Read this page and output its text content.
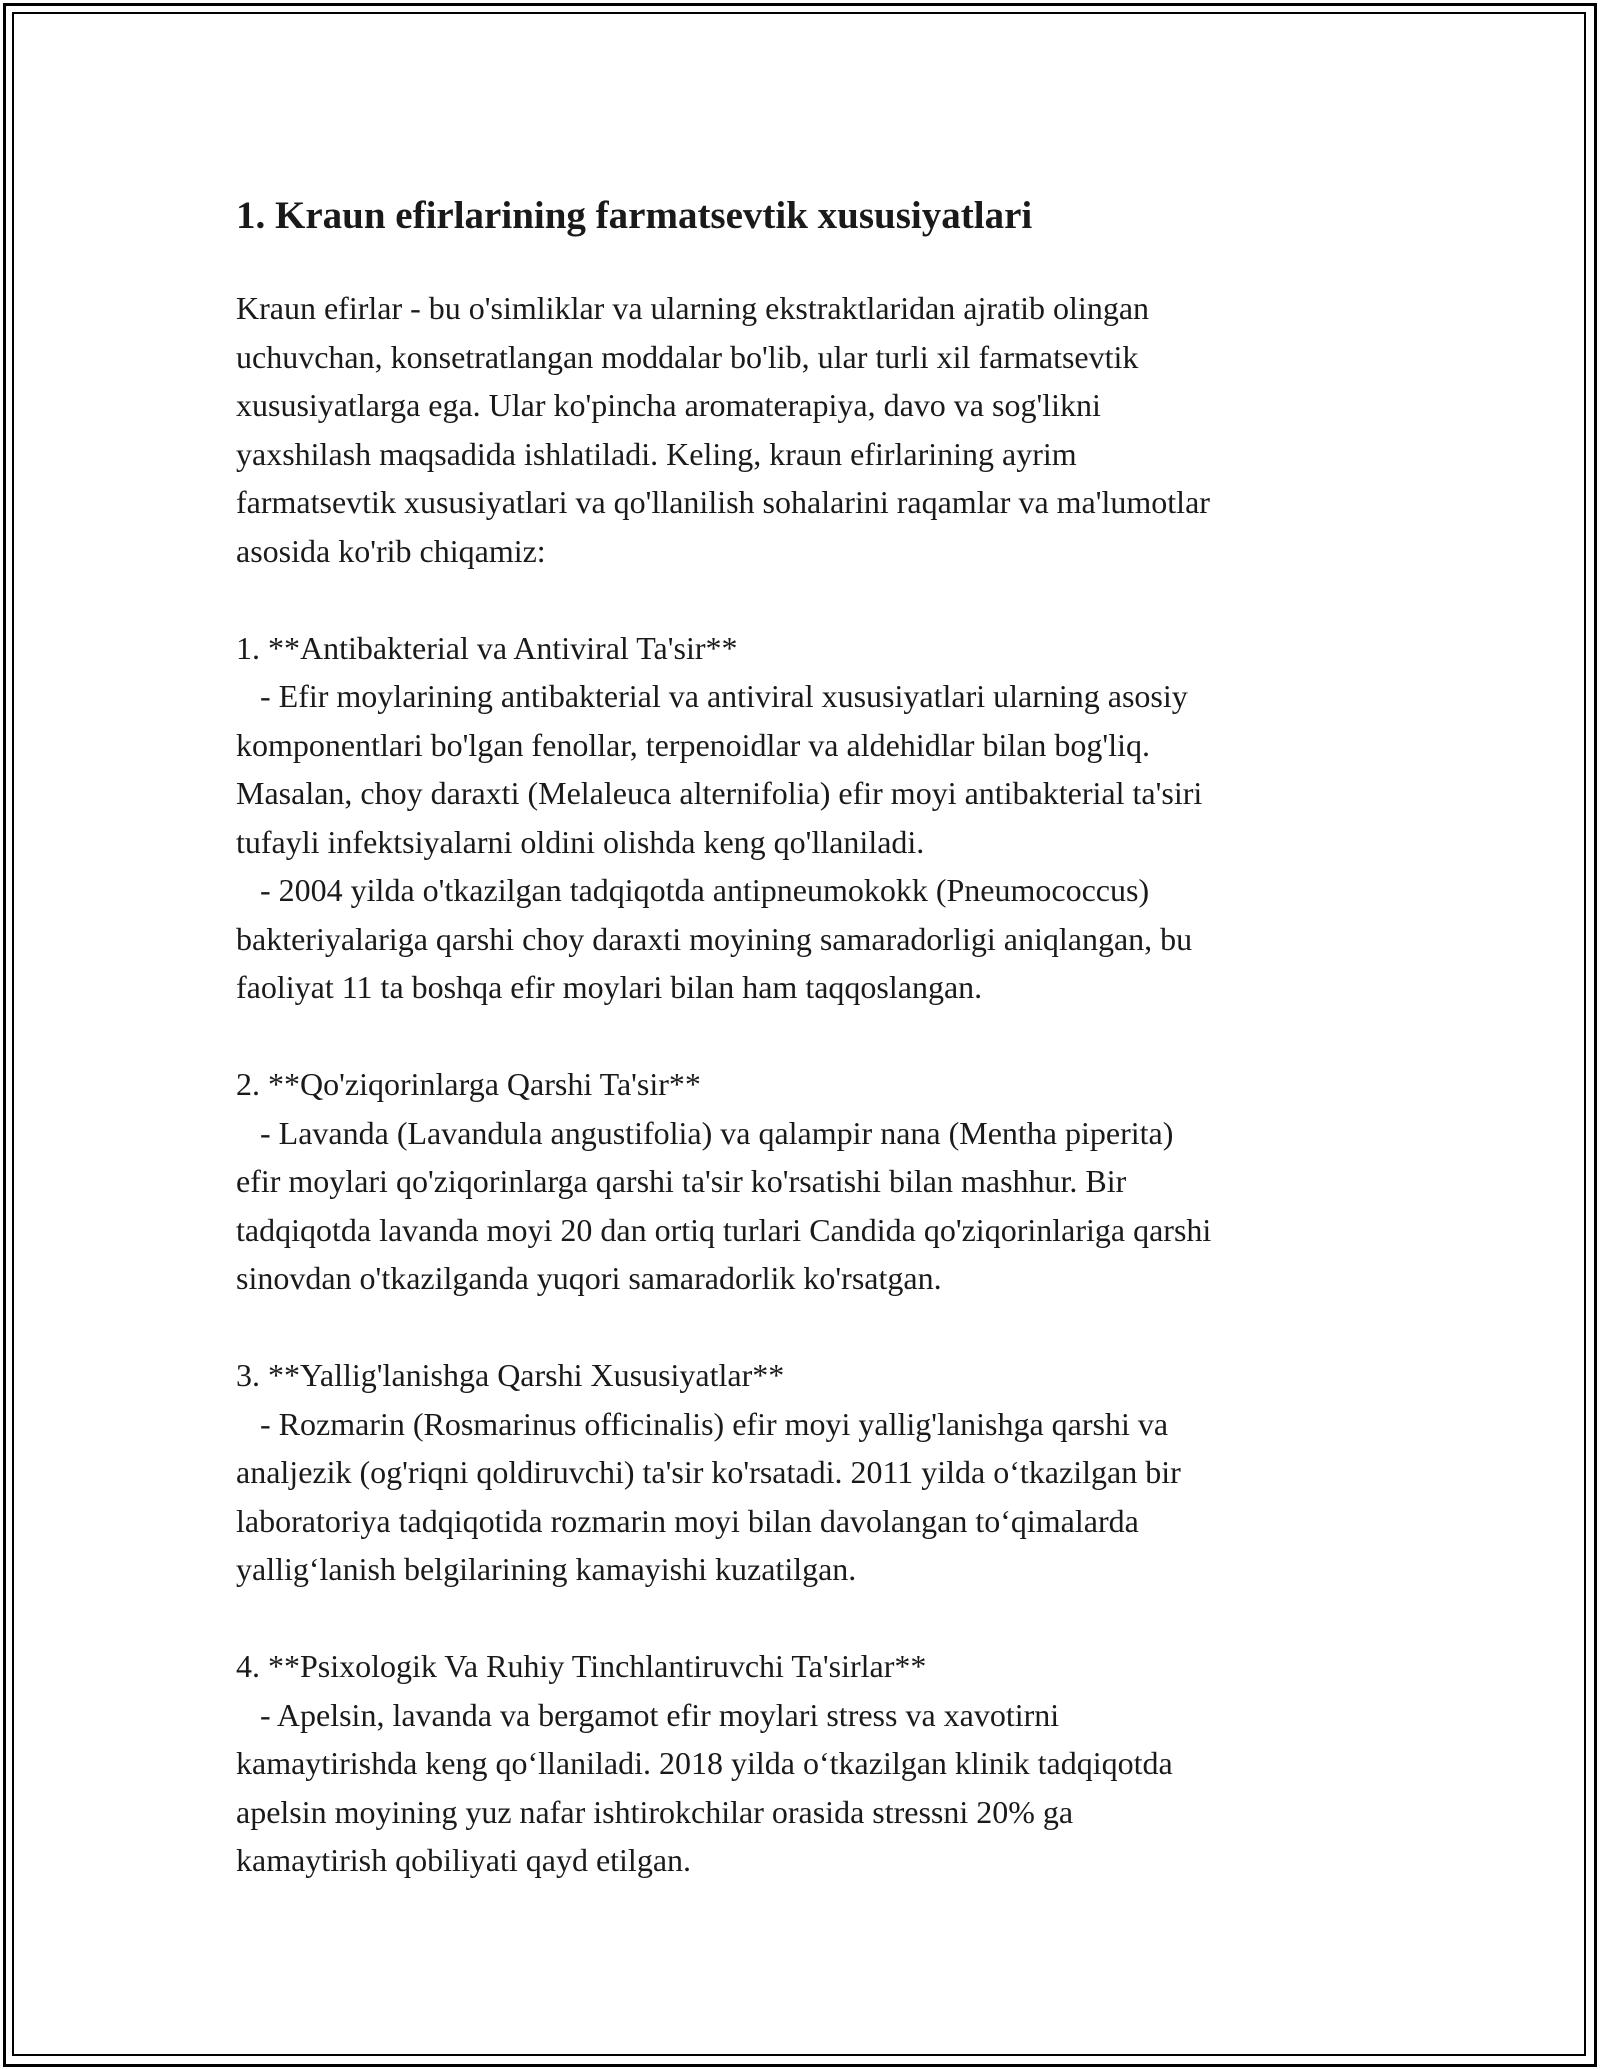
1. Kraun efirlarining farmatsevtik xususiyatlari
Kraun efirlar - bu o'simliklar va ularning ekstraktlaridan ajratib olingan
uchuvchan, konsetratlangan moddalar bo'lib, ular turli xil farmatsevtik
xususiyatlarga ega. Ular ko'pincha aromaterapiya, davo va sog'likni
yaxshilash maqsadida ishlatiladi. Keling, kraun efirlarining ayrim
farmatsevtik xususiyatlari va qo'llanilish sohalarini raqamlar va ma'lumotlar
asosida ko'rib chiqamiz:
1. **Antibakterial va Antiviral Ta'sir**
- Efir moylarining antibakterial va antiviral xususiyatlari ularning asosiy
komponentlari bo'lgan fenollar, terpenoidlar va aldehidlar bilan bog'liq.
Masalan, choy daraxti (Melaleuca alternifolia) efir moyi antibakterial ta'siri
tufayli infektsiyalarni oldini olishda keng qo'llaniladi.
- 2004 yilda o'tkazilgan tadqiqotda antipneumokokk (Pneumococcus)
bakteriyalariga qarshi choy daraxti moyining samaradorligi aniqlangan, bu
faoliyat 11 ta boshqa efir moylari bilan ham taqqoslangan.
2. **Qo'ziqorinlarga Qarshi Ta'sir**
- Lavanda (Lavandula angustifolia) va qalampir nana (Mentha piperita)
efir moylari qo'ziqorinlarga qarshi ta'sir ko'rsatishi bilan mashhur. Bir
tadqiqotda lavanda moyi 20 dan ortiq turlari Candida qo'ziqorinlariga qarshi
sinovdan o'tkazilganda yuqori samaradorlik ko'rsatgan.
3. **Yallig'lanishga Qarshi Xususiyatlar**
- Rozmarin (Rosmarinus officinalis) efir moyi yallig'lanishga qarshi va
analjezik (og'riqni qoldiruvchi) ta'sir ko'rsatadi. 2011 yilda o‘tkazilgan bir
laboratoriya tadqiqotida rozmarin moyi bilan davolangan to‘qimalarda
yallig‘lanish belgilarining kamayishi kuzatilgan.
4. **Psixologik Va Ruhiy Tinchlantiruvchi Ta'sirlar**
- Apelsin, lavanda va bergamot efir moylari stress va xavotirni
kamaytirishda keng qo‘llaniladi. 2018 yilda o‘tkazilgan klinik tadqiqotda
apelsin moyining yuz nafar ishtirokchilar orasida stressni 20% ga
kamaytirish qobiliyati qayd etilgan.
